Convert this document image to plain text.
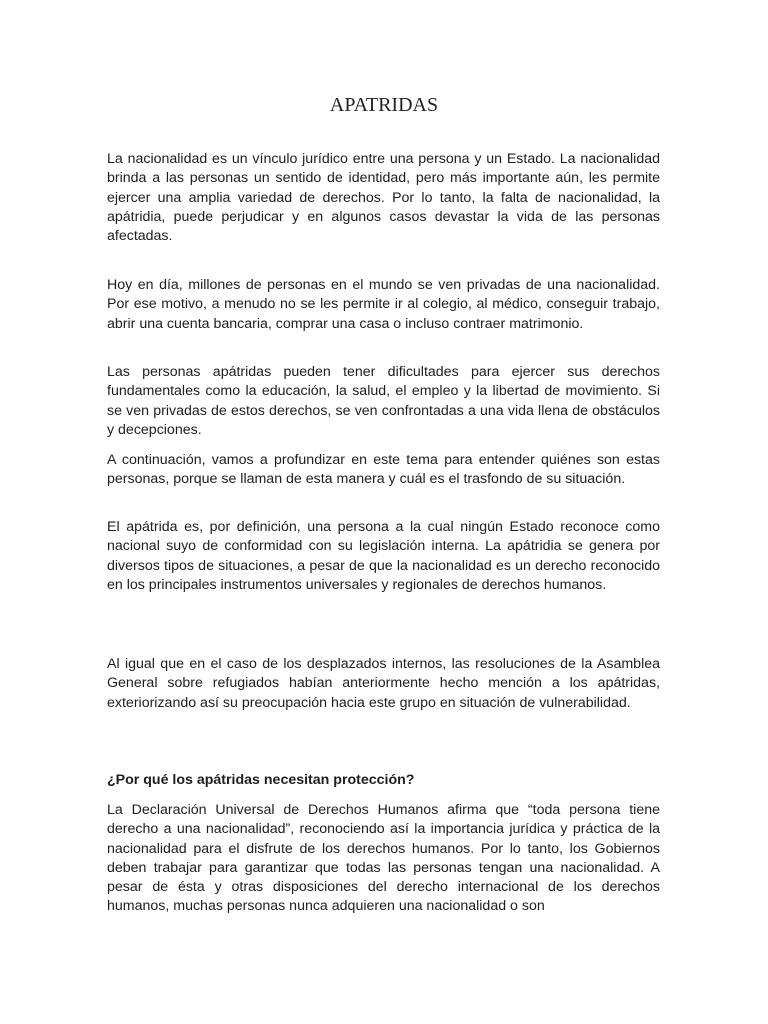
APATRIDAS

La nacionalidad es un vínculo jurídico entre una persona y un Estado. La nacionalidad brinda a las personas un sentido de identidad, pero más importante aún, les permite ejercer una amplia variedad de derechos. Por lo tanto, la falta de nacionalidad, la apátridia, puede perjudicar y en algunos casos devastar la vida de las personas afectadas.

Hoy en día, millones de personas en el mundo se ven privadas de una nacionalidad. Por ese motivo, a menudo no se les permite ir al colegio, al médico, conseguir trabajo, abrir una cuenta bancaria, comprar una casa o incluso contraer matrimonio.

Las personas apátridas pueden tener dificultades para ejercer sus derechos fundamentales como la educación, la salud, el empleo y la libertad de movimiento. Si se ven privadas de estos derechos, se ven confrontadas a una vida llena de obstáculos y decepciones.

A continuación, vamos a profundizar en este tema para entender quiénes son estas personas, porque se llaman de esta manera y cuál es el trasfondo de su situación.

El apátrida es, por definición, una persona a la cual ningún Estado reconoce como nacional suyo de conformidad con su legislación interna. La apátridia se genera por diversos tipos de situaciones, a pesar de que la nacionalidad es un derecho reconocido en los principales instrumentos universales y regionales de derechos humanos.

Al igual que en el caso de los desplazados internos, las resoluciones de la Asamblea General sobre refugiados habían anteriormente hecho mención a los apátridas, exteriorizando así su preocupación hacia este grupo en situación de vulnerabilidad.

¿Por qué los apátridas necesitan protección?

La Declaración Universal de Derechos Humanos afirma que “toda persona tiene derecho a una nacionalidad”, reconociendo así la importancia jurídica y práctica de la nacionalidad para el disfrute de los derechos humanos. Por lo tanto, los Gobiernos deben trabajar para garantizar que todas las personas tengan una nacionalidad. A pesar de ésta y otras disposiciones del derecho internacional de los derechos humanos, muchas personas nunca adquieren una nacionalidad o son
